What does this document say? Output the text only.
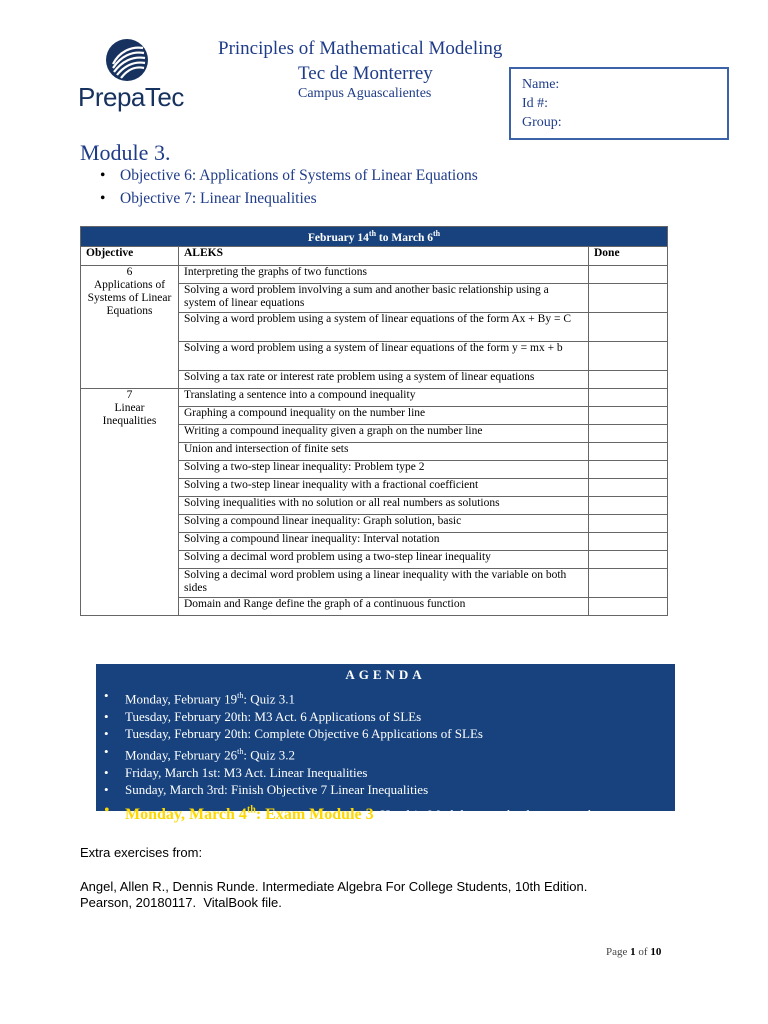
PrepaTec
Principles of Mathematical Modeling
Tec de Monterrey
Campus Aguascalientes
Name:
Id #:
Group:
Module 3.
• Objective 6: Applications of Systems of Linear Equations
• Objective 7: Linear Inequalities
February 14th to March 6th
Objective	ALEKS	Done

6
Applications of Systems of Linear Equations	Interpreting the graphs of two functions	
	Solving a word problem involving a sum and another basic relationship using a system of linear equations	
	Solving a word problem using a system of linear equations of the form Ax + By = C	
	Solving a word problem using a system of linear equations of the form y = mx + b	
	Solving a tax rate or interest rate problem using a system of linear equations	

7
Linear Inequalities	Translating a sentence into a compound inequality	
	Graphing a compound inequality on the number line	
	Writing a compound inequality given a graph on the number line	
	Union and intersection of finite sets	
	Solving a two-step linear inequality: Problem type 2	
	Solving a two-step linear inequality with a fractional coefficient	
	Solving inequalities with no solution or all real numbers as solutions	
	Solving a compound linear inequality: Graph solution, basic	
	Solving a compound linear inequality: Interval notation	
	Solving a decimal word problem using a two-step linear inequality	
	Solving a decimal word problem using a linear inequality with the variable on both sides	
	Domain and Range define the graph of a continuous function	
AGENDA
• Monday, February 19th: Quiz 3.1
• Tuesday, February 20th: M3 Act. 6 Applications of SLEs
• Tuesday, February 20th: Complete Objective 6 Applications of SLEs
• Monday, February 26th: Quiz 3.2
• Friday, March 1st: M3 Act. Linear Inequalities
• Sunday, March 3rd: Finish Objective 7 Linear Inequalities
• Monday, March 4th: Exam Module 3 Hand-in Module  completely answered
Extra exercises from:
Angel, Allen R., Dennis Runde. Intermediate Algebra For College Students, 10th Edition.
Pearson, 20180117.  VitalBook file.
Page 1 of 10
